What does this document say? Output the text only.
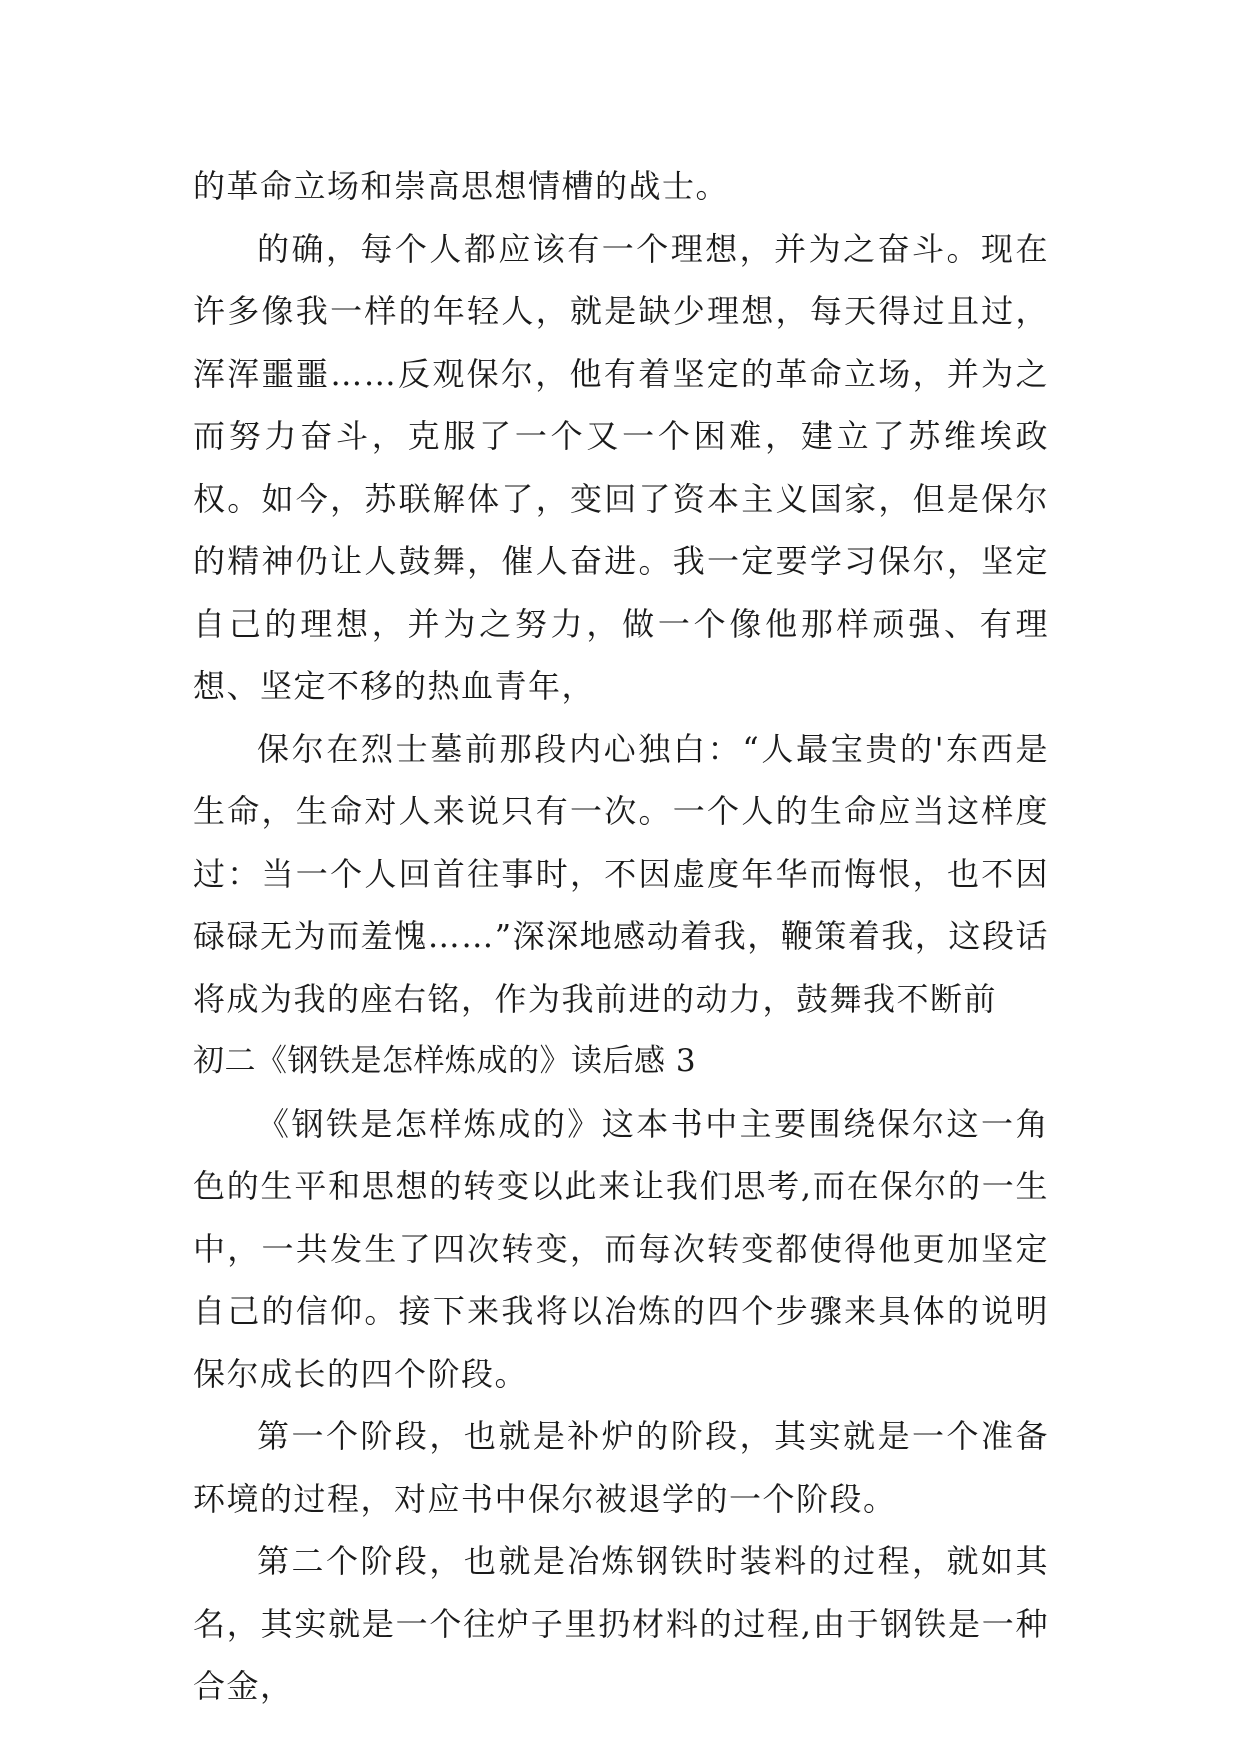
的革命立场和崇高思想情槽的战士。

的确，每个人都应该有一个理想，并为之奋斗。现在许多像我一样的年轻人，就是缺少理想，每天得过且过，浑浑噩噩……反观保尔，他有着坚定的革命立场，并为之而努力奋斗，克服了一个又一个困难，建立了苏维埃政权。如今，苏联解体了，变回了资本主义国家，但是保尔的精神仍让人鼓舞，催人奋进。我一定要学习保尔，坚定自己的理想，并为之努力，做一个像他那样顽强、有理想、坚定不移的热血青年，

保尔在烈士墓前那段内心独白：“人最宝贵的'东西是生命，生命对人来说只有一次。一个人的生命应当这样度过：当一个人回首往事时，不因虚度年华而悔恨，也不因碌碌无为而羞愧……”深深地感动着我，鞭策着我，这段话将成为我的座右铭，作为我前进的动力，鼓舞我不断前

初二《钢铁是怎样炼成的》读后感 3

《钢铁是怎样炼成的》这本书中主要围绕保尔这一角色的生平和思想的转变以此来让我们思考,而在保尔的一生中，一共发生了四次转变，而每次转变都使得他更加坚定自己的信仰。接下来我将以冶炼的四个步骤来具体的说明保尔成长的四个阶段。

第一个阶段，也就是补炉的阶段，其实就是一个准备环境的过程，对应书中保尔被退学的一个阶段。

第二个阶段，也就是冶炼钢铁时装料的过程，就如其名，其实就是一个往炉子里扔材料的过程,由于钢铁是一种合金，
